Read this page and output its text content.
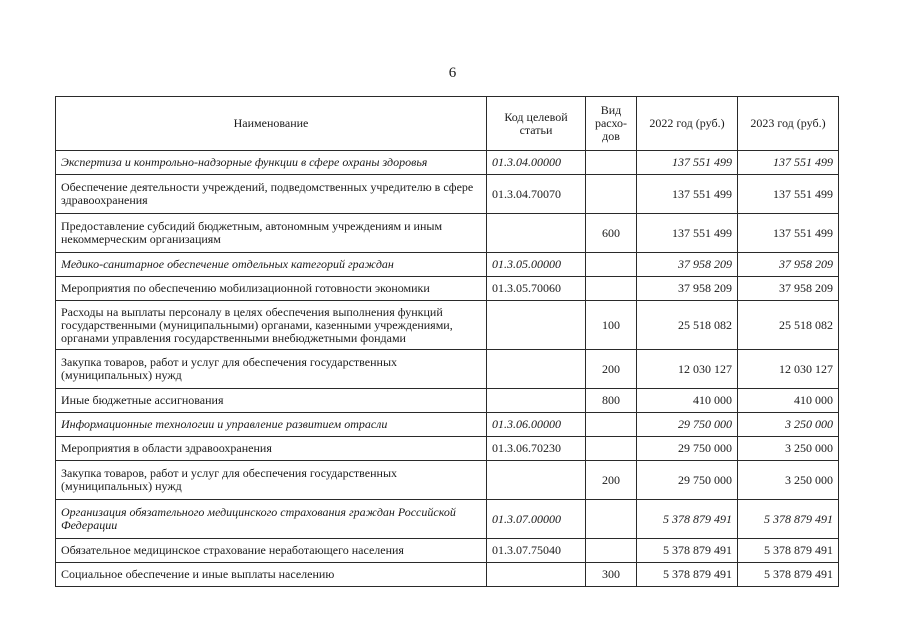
6
Наименование	Код целевой статьи	Вид расхо-дов	2022 год (руб.)	2023 год (руб.)
Экспертиза и контрольно-надзорные функции в сфере охраны здоровья	01.3.04.00000		137 551 499	137 551 499
Обеспечение деятельности учреждений, подведомственных учредителю в сфере здравоохранения	01.3.04.70070		137 551 499	137 551 499
Предоставление субсидий бюджетным, автономным учреждениям и иным некоммерческим организациям		600	137 551 499	137 551 499
Медико-санитарное обеспечение отдельных категорий граждан	01.3.05.00000		37 958 209	37 958 209
Мероприятия по обеспечению мобилизационной готовности экономики	01.3.05.70060		37 958 209	37 958 209
Расходы на выплаты персоналу в целях обеспечения выполнения функций государственными (муниципальными) органами, казенными учреждениями, органами управления государственными внебюджетными фондами		100	25 518 082	25 518 082
Закупка товаров, работ и услуг для обеспечения государственных (муниципальных) нужд		200	12 030 127	12 030 127
Иные бюджетные ассигнования		800	410 000	410 000
Информационные технологии и управление развитием отрасли	01.3.06.00000		29 750 000	3 250 000
Мероприятия в области здравоохранения	01.3.06.70230		29 750 000	3 250 000
Закупка товаров, работ и услуг для обеспечения государственных (муниципальных) нужд		200	29 750 000	3 250 000
Организация обязательного медицинского страхования граждан Российской Федерации	01.3.07.00000		5 378 879 491	5 378 879 491
Обязательное медицинское страхование неработающего населения	01.3.07.75040		5 378 879 491	5 378 879 491
Социальное обеспечение и иные выплаты населению		300	5 378 879 491	5 378 879 491
